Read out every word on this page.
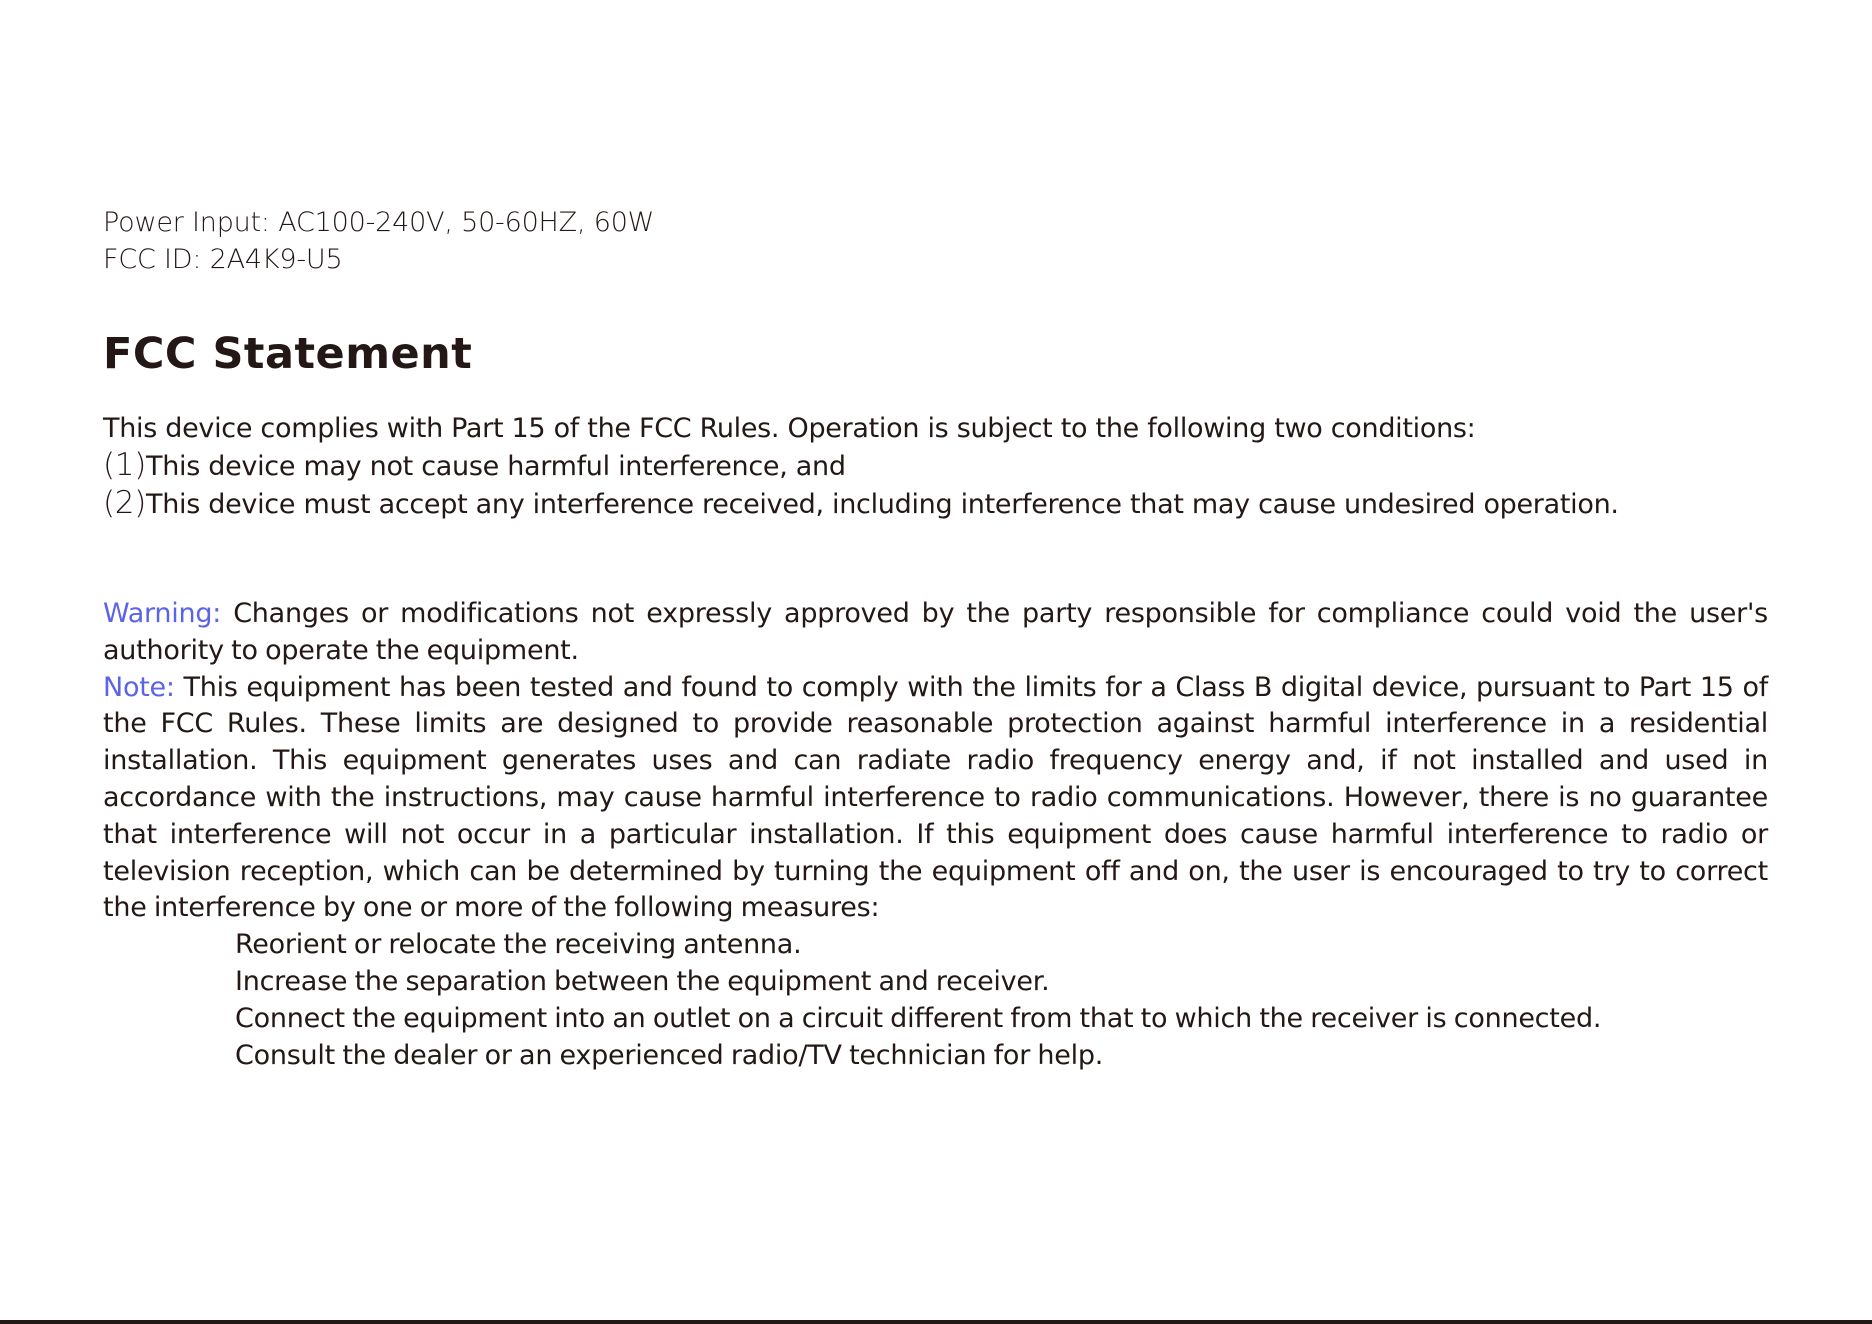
Power Input: AC100-240V, 50-60HZ, 60W

FCC ID: 2A4K9-U5

FCC Statement

This device complies with Part 15 of the FCC Rules. Operation is subject to the following two conditions:

(1)This device may not cause harmful interference, and

(2)This device must accept any interference received, including interference that may cause undesired operation.

Warning: Changes or modifications not expressly approved by the party responsible for compliance could void the user's authority to operate the equipment.

Note: This equipment has been tested and found to comply with the limits for a Class B digital device, pursuant to Part 15 of the FCC Rules. These limits are designed to provide reasonable protection against harmful interference in a residential installation. This equipment generates uses and can radiate radio frequency energy and, if not installed and used in accordance with the instructions, may cause harmful interference to radio communications. However, there is no guarantee that interference will not occur in a particular installation. If this equipment does cause harmful interference to radio or television reception, which can be determined by turning the equipment off and on, the user is encouraged to try to correct the interference by one or more of the following measures:

Reorient or relocate the receiving antenna.
Increase the separation between the equipment and receiver.
Connect the equipment into an outlet on a circuit different from that to which the receiver is connected.
Consult the dealer or an experienced radio/TV technician for help.
